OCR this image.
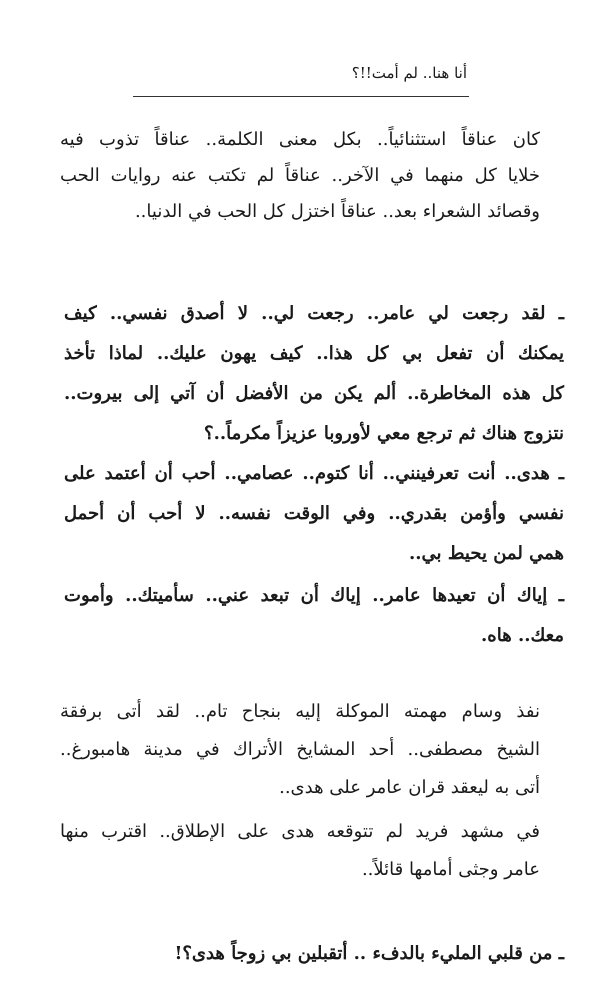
أنا هنا.. لم أمت!!؟
كان عناقاً استثنائياً.. بكل معنى الكلمة.. عناقاً تذوب فيه
خلايا كل منهما في الآخر.. عناقاً لم تكتب عنه روايات الحب
وقصائد الشعراء بعد.. عناقاً اختزل كل الحب في الدنيا..
ـ لقد رجعت لي عامر.. رجعت لي.. لا أصدق نفسي.. كيف
يمكنك أن تفعل بي كل هذا.. كيف يهون عليك.. لماذا تأخذ
كل هذه المخاطرة.. ألم يكن من الأفضل أن آتي إلى بيروت..
نتزوج هناك ثم ترجع معي لأوروبا عزيزاً مكرماً..؟
ـ هدى.. أنت تعرفينني.. أنا كتوم.. عصامي.. أحب أن أعتمد على
نفسي وأؤمن بقدري.. وفي الوقت نفسه.. لا أحب أن أحمل
همي لمن يحيط بي..
ـ إياك أن تعيدها عامر.. إياك أن تبعد عني.. سأميتك.. وأموت
معك.. هاه.
نفذ وسام مهمته الموكلة إليه بنجاح تام.. لقد أتى برفقة
الشيخ مصطفى.. أحد المشايخ الأتراك في مدينة هامبورغ..
أتى به ليعقد قران عامر على هدى..
في مشهد فريد لم تتوقعه هدى على الإطلاق.. اقترب منها
عامر وجثى أمامها قائلاً..
ـ من قلبي المليء بالدفء .. أتقبلين بي زوجاً هدى؟!
